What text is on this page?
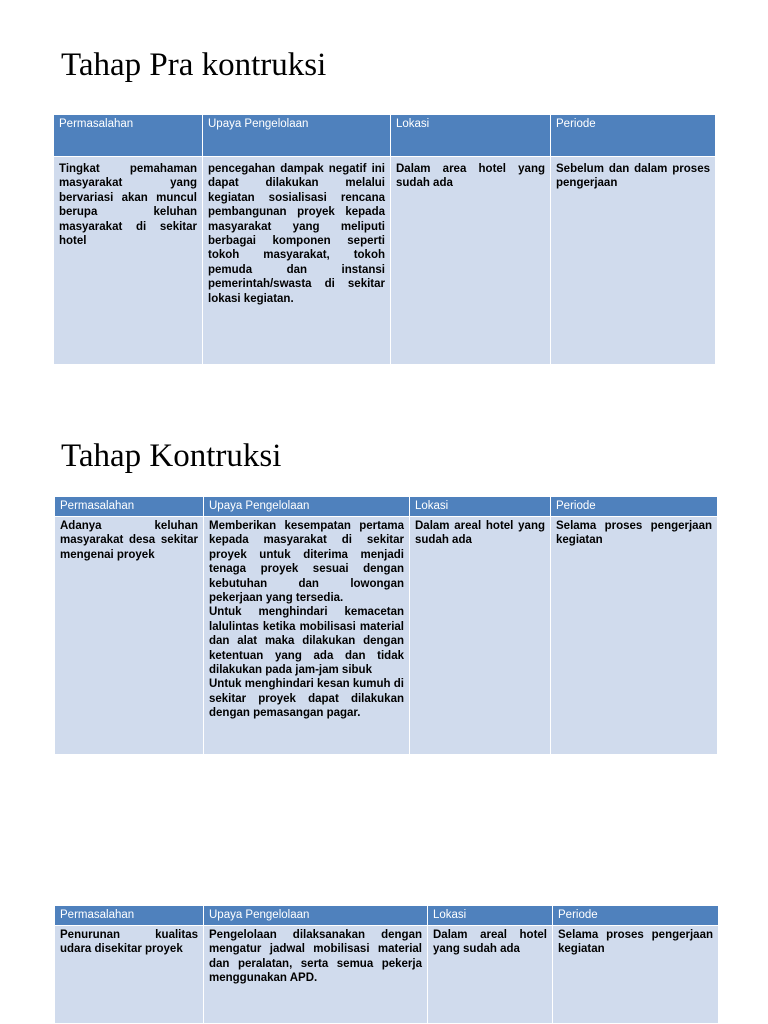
Tahap Pra kontruksi
Permasalahan	Upaya Pengelolaan	Lokasi	Periode
Tingkat pemahaman masyarakat yang bervariasi akan muncul berupa keluhan masyarakat di sekitar hotel	pencegahan dampak negatif ini dapat dilakukan melalui kegiatan sosialisasi rencana pembangunan proyek kepada masyarakat yang meliputi berbagai komponen seperti tokoh masyarakat, tokoh pemuda dan instansi pemerintah/swasta di sekitar lokasi kegiatan.	Dalam area hotel yang sudah ada	Sebelum dan dalam proses pengerjaan
Tahap Kontruksi
Permasalahan	Upaya Pengelolaan	Lokasi	Periode
Adanya keluhan masyarakat desa sekitar mengenai proyek	Memberikan kesempatan pertama kepada masyarakat di sekitar proyek untuk diterima menjadi tenaga proyek sesuai dengan kebutuhan dan lowongan pekerjaan yang tersedia.
Untuk menghindari kemacetan lalulintas ketika mobilisasi material dan alat maka dilakukan dengan ketentuan yang ada dan tidak dilakukan pada jam-jam sibuk
Untuk menghindari kesan kumuh di sekitar proyek dapat dilakukan dengan pemasangan pagar.	Dalam areal hotel yang sudah ada	Selama proses pengerjaan kegiatan
Permasalahan	Upaya Pengelolaan	Lokasi	Periode
Penurunan kualitas udara disekitar proyek	Pengelolaan dilaksanakan dengan mengatur jadwal mobilisasi material dan peralatan, serta semua pekerja menggunakan APD.	Dalam areal hotel yang sudah ada	Selama proses pengerjaan kegiatan
